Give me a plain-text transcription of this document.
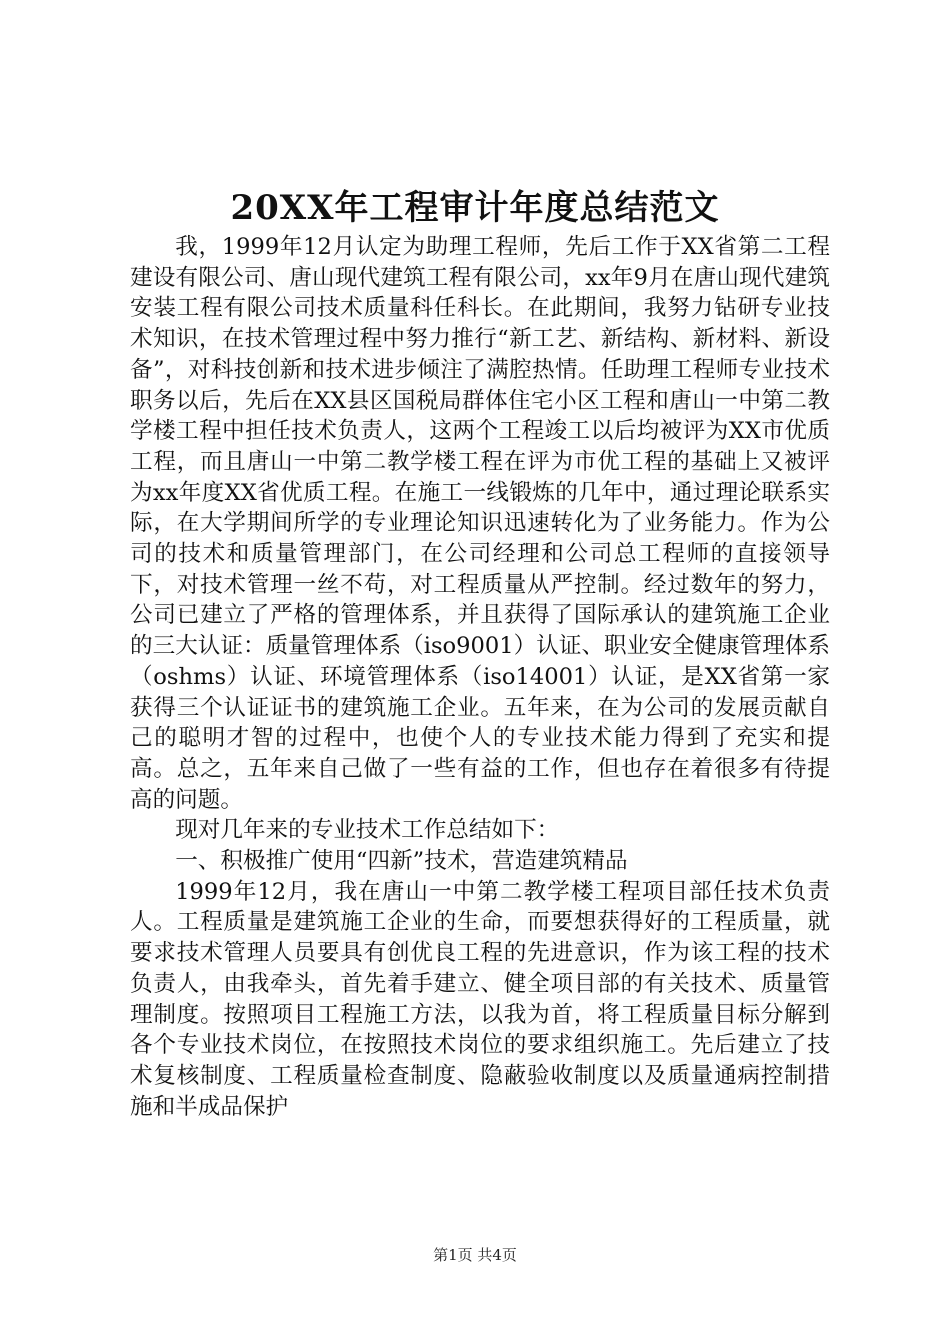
20XX年工程审计年度总结范文

我，1999年12月认定为助理工程师，先后工作于XX省第二工程建设有限公司、唐山现代建筑工程有限公司，xx年9月在唐山现代建筑安装工程有限公司技术质量科任科长。在此期间，我努力钻研专业技术知识，在技术管理过程中努力推行“新工艺、新结构、新材料、新设备”，对科技创新和技术进步倾注了满腔热情。任助理工程师专业技术职务以后，先后在XX县区国税局群体住宅小区工程和唐山一中第二教学楼工程中担任技术负责人，这两个工程竣工以后均被评为XX市优质工程，而且唐山一中第二教学楼工程在评为市优工程的基础上又被评为xx年度XX省优质工程。在施工一线锻炼的几年中，通过理论联系实际，在大学期间所学的专业理论知识迅速转化为了业务能力。作为公司的技术和质量管理部门，在公司经理和公司总工程师的直接领导下，对技术管理一丝不苟，对工程质量从严控制。经过数年的努力，公司已建立了严格的管理体系，并且获得了国际承认的建筑施工企业的三大认证：质量管理体系（iso9001）认证、职业安全健康管理体系（oshms）认证、环境管理体系（iso14001）认证，是XX省第一家获得三个认证证书的建筑施工企业。五年来，在为公司的发展贡献自己的聪明才智的过程中，也使个人的专业技术能力得到了充实和提高。总之，五年来自己做了一些有益的工作，但也存在着很多有待提高的问题。

现对几年来的专业技术工作总结如下：

一、积极推广使用“四新”技术，营造建筑精品

1999年12月，我在唐山一中第二教学楼工程项目部任技术负责人。工程质量是建筑施工企业的生命，而要想获得好的工程质量，就要求技术管理人员要具有创优良工程的先进意识，作为该工程的技术负责人，由我牵头，首先着手建立、健全项目部的有关技术、质量管理制度。按照项目工程施工方法，以我为首，将工程质量目标分解到各个专业技术岗位，在按照技术岗位的要求组织施工。先后建立了技术复核制度、工程质量检查制度、隐蔽验收制度以及质量通病控制措施和半成品保护

第1页 共4页
